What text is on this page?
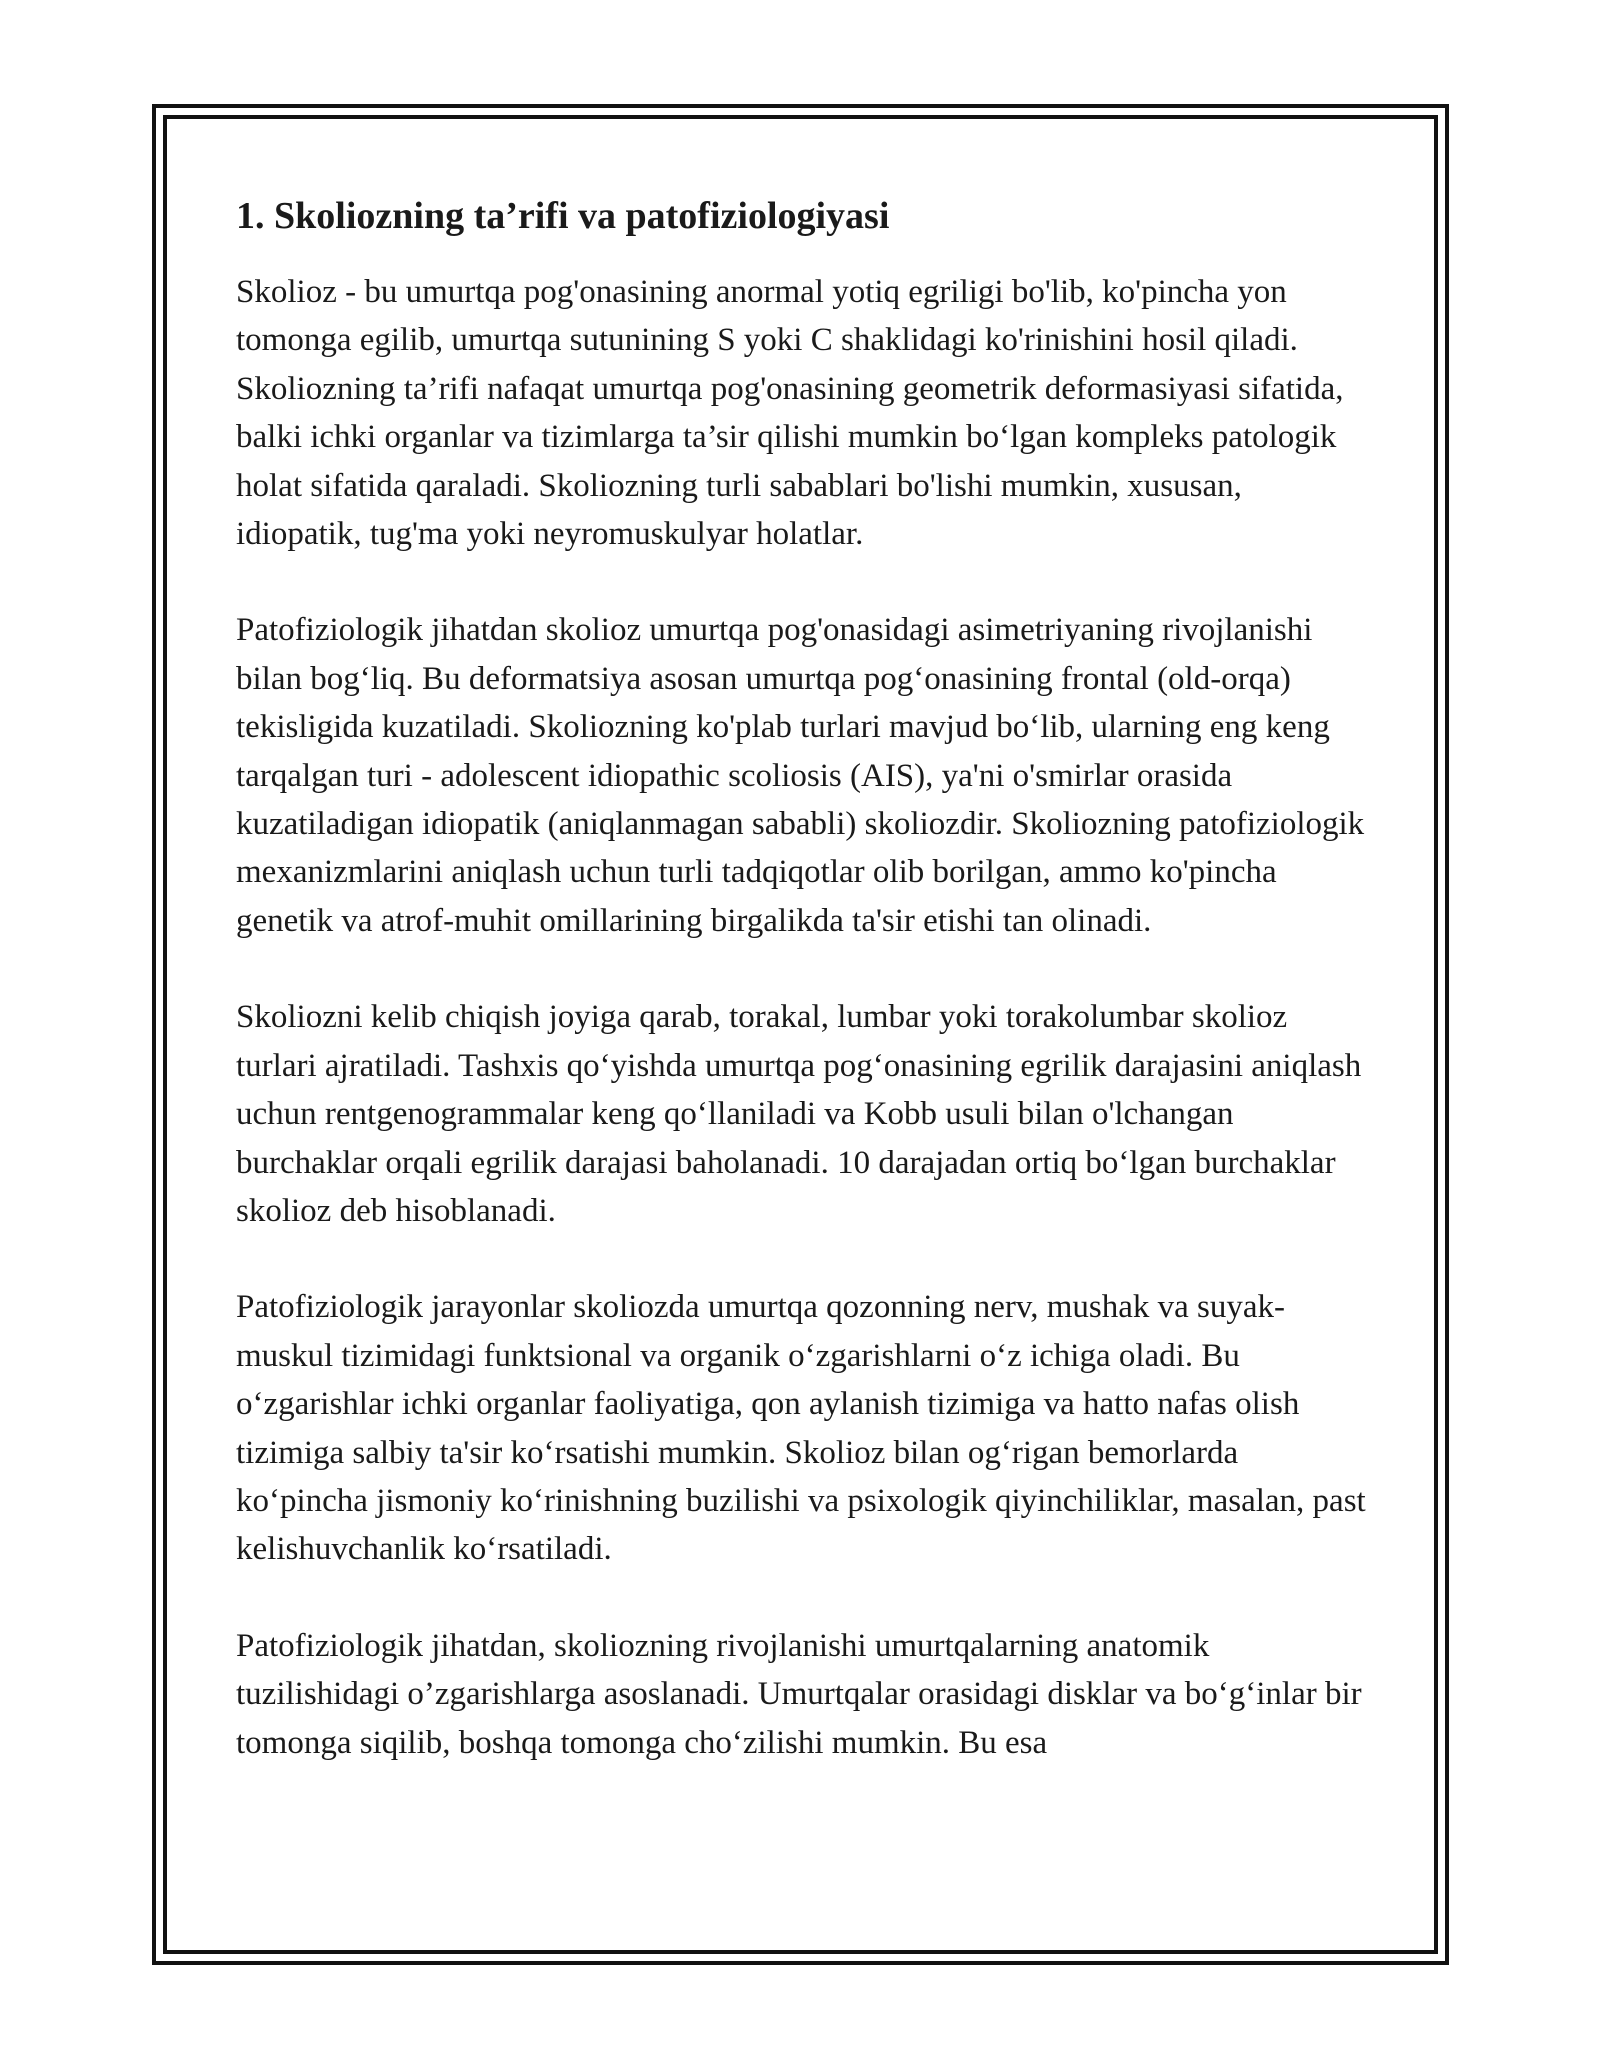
1. Skoliozning ta’rifi va patofiziologiyasi

Skolioz - bu umurtqa pog'onasining anormal yotiq egriligi bo'lib, ko'pincha yon tomonga egilib, umurtqa sutunining S yoki C shaklidagi ko'rinishini hosil qiladi. Skoliozning ta’rifi nafaqat umurtqa pog'onasining geometrik deformasiyasi sifatida, balki ichki organlar va tizimlarga ta’sir qilishi mumkin bo‘lgan kompleks patologik holat sifatida qaraladi. Skoliozning turli sabablari bo'lishi mumkin, xususan, idiopatik, tug'ma yoki neyromuskulyar holatlar.

Patofiziologik jihatdan skolioz umurtqa pog'onasidagi asimetriyaning rivojlanishi bilan bog‘liq. Bu deformatsiya asosan umurtqa pog‘onasining frontal (old-orqa) tekisligida kuzatiladi. Skoliozning ko'plab turlari mavjud bo‘lib, ularning eng keng tarqalgan turi - adolescent idiopathic scoliosis (AIS), ya'ni o'smirlar orasida kuzatiladigan idiopatik (aniqlanmagan sababli) skoliozdir. Skoliozning patofiziologik mexanizmlarini aniqlash uchun turli tadqiqotlar olib borilgan, ammo ko'pincha genetik va atrof-muhit omillarining birgalikda ta'sir etishi tan olinadi.

Skoliozni kelib chiqish joyiga qarab, torakal, lumbar yoki torakolumbar skolioz turlari ajratiladi. Tashxis qo‘yishda umurtqa pog‘onasining egrilik darajasini aniqlash uchun rentgenogrammalar keng qo‘llaniladi va Kobb usuli bilan o'lchangan burchaklar orqali egrilik darajasi baholanadi. 10 darajadan ortiq bo‘lgan burchaklar skolioz deb hisoblanadi.

Patofiziologik jarayonlar skoliozda umurtqa qozonning nerv, mushak va suyak-muskul tizimidagi funktsional va organik o‘zgarishlarni o‘z ichiga oladi. Bu o‘zgarishlar ichki organlar faoliyatiga, qon aylanish tizimiga va hatto nafas olish tizimiga salbiy ta'sir ko‘rsatishi mumkin. Skolioz bilan og‘rigan bemorlarda ko‘pincha jismoniy ko‘rinishning buzilishi va psixologik qiyinchiliklar, masalan, past kelishuvchanlik ko‘rsatiladi.

Patofiziologik jihatdan, skoliozning rivojlanishi umurtqalarning anatomik tuzilishidagi o’zgarishlarga asoslanadi. Umurtqalar orasidagi disklar va bo‘g‘inlar bir tomonga siqilib, boshqa tomonga cho‘zilishi mumkin. Bu esa
